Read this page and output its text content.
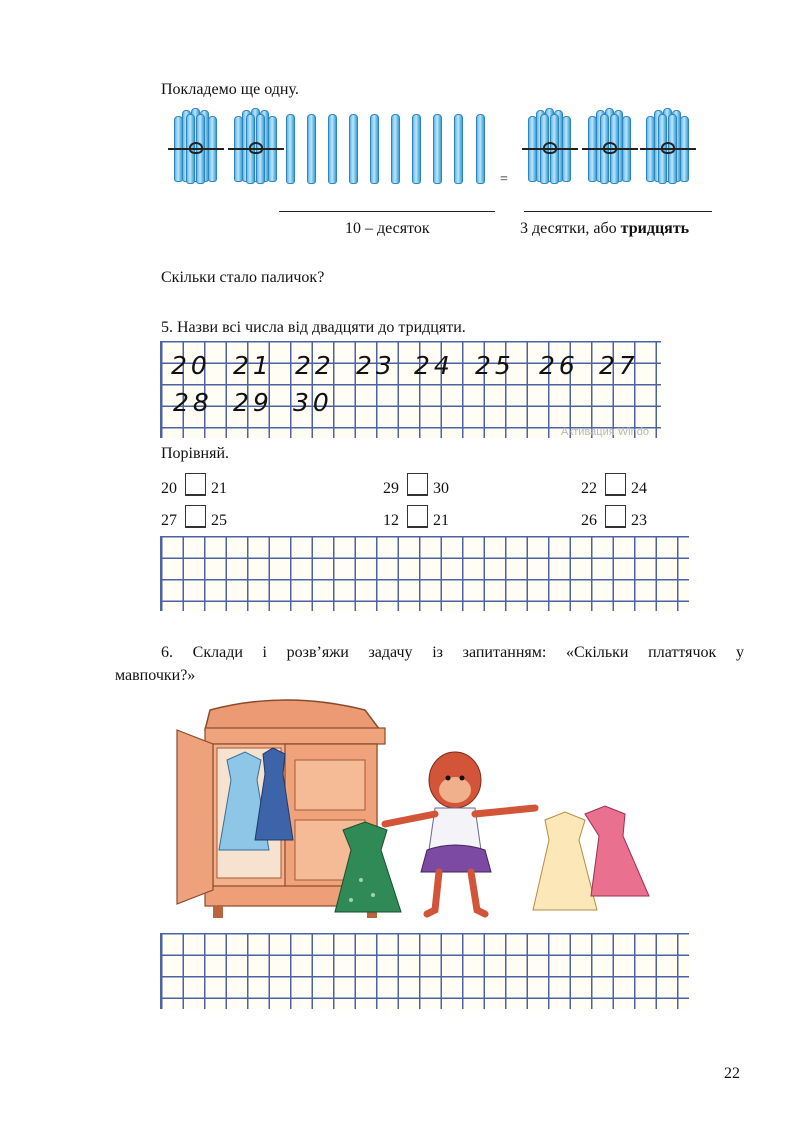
Покладемо ще одну.
=
10 – десяток	3 десятки, або тридцять
Скільки стало паличок?
5. Назви всі числа від двадцяти до тридцяти.
20 21 22 23 24 25 26 27
28 29 30
Активация Windo
Порівняй.
20 21	29 30	22 24
27 25	12 21	26 23
6. Склади і розв’яжи задачу із запитанням: «Скільки платтячок у
мавпочки?»
22
